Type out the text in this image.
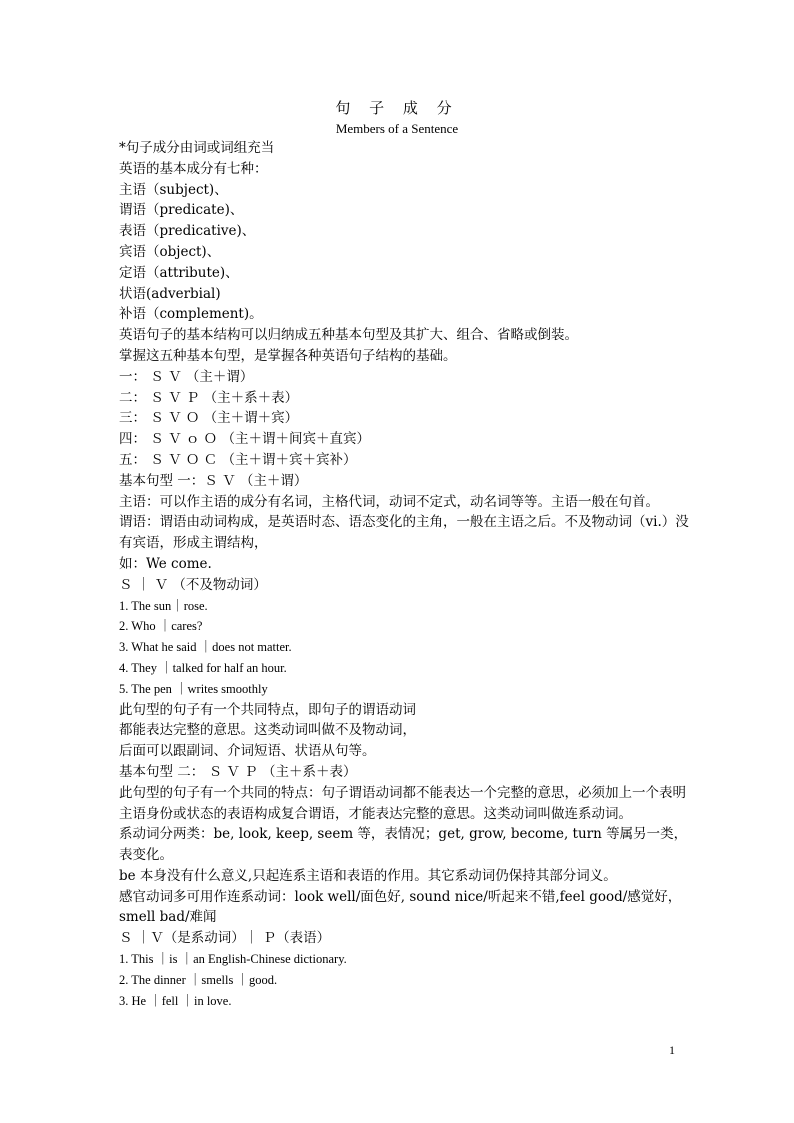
句 子 成 分
Members of a Sentence
*句子成分由词或词组充当
英语的基本成分有七种：
主语（subject)、
谓语（predicate)、
表语（predicative)、
宾语（object)、
定语（attribute)、
状语(adverbial)
补语（complement)。
英语句子的基本结构可以归纳成五种基本句型及其扩大、组合、省略或倒装。
掌握这五种基本句型，是掌握各种英语句子结构的基础。
一： Ｓ Ｖ （主＋谓）
二： Ｓ Ｖ Ｐ （主＋系＋表）
三： Ｓ Ｖ Ｏ （主＋谓＋宾）
四： Ｓ Ｖ ｏ Ｏ （主＋谓＋间宾＋直宾）
五： Ｓ Ｖ Ｏ Ｃ （主＋谓＋宾＋宾补）
基本句型 一：Ｓ Ｖ （主＋谓）
主语：可以作主语的成分有名词，主格代词，动词不定式，动名词等等。主语一般在句首。
谓语：谓语由动词构成，是英语时态、语态变化的主角，一般在主语之后。不及物动词（vi.）没有宾语，形成主谓结构，
如：We come.
Ｓ ｜ Ｖ （不及物动词）
1. The sun｜rose.
2. Who ｜cares?
3. What he said ｜does not matter.
4. They ｜talked for half an hour.
5. The pen ｜writes smoothly
此句型的句子有一个共同特点，即句子的谓语动词
都能表达完整的意思。这类动词叫做不及物动词，
后面可以跟副词、介词短语、状语从句等。
基本句型 二： Ｓ Ｖ Ｐ （主＋系＋表）
此句型的句子有一个共同的特点：句子谓语动词都不能表达一个完整的意思，必须加上一个表明主语身份或状态的表语构成复合谓语，才能表达完整的意思。这类动词叫做连系动词。
系动词分两类：be, look, keep, seem 等，表情况；get, grow, become, turn 等属另一类，表变化。
be 本身没有什么意义,只起连系主语和表语的作用。其它系动词仍保持其部分词义。
感官动词多可用作连系动词：look well/面色好, sound nice/听起来不错,feel good/感觉好，smell bad/难闻
Ｓ ｜Ｖ（是系动词）｜ Ｐ（表语）
1. This ｜is ｜an English-Chinese dictionary.
2. The dinner ｜smells ｜good.
3. He ｜fell ｜in love.
1
